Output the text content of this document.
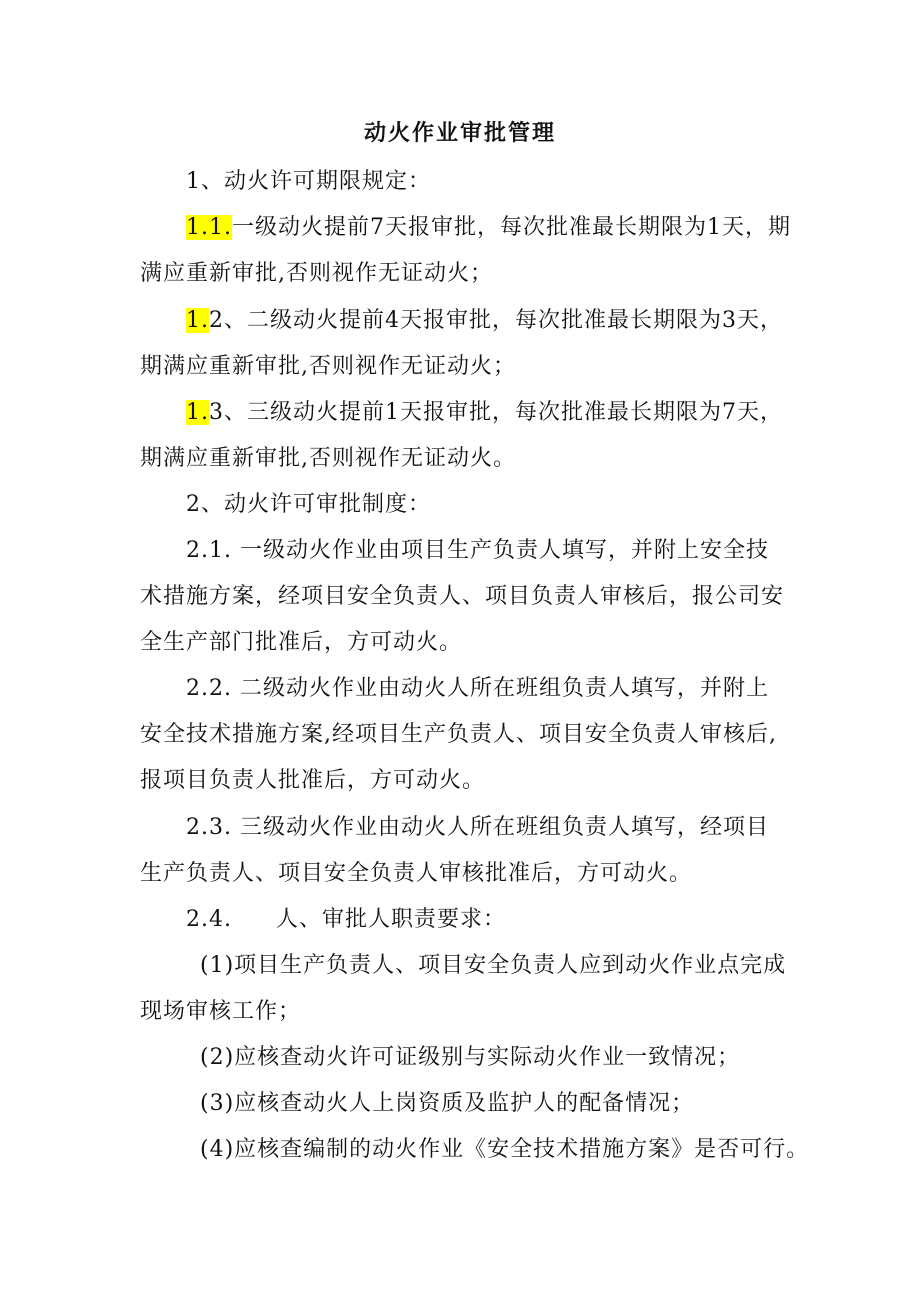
动火作业审批管理
1、动火许可期限规定：
1.1.一级动火提前7天报审批，每次批准最长期限为1天，期
满应重新审批,否则视作无证动火；
1.2、二级动火提前4天报审批，每次批准最长期限为3天，
期满应重新审批,否则视作无证动火；
1.3、三级动火提前1天报审批，每次批准最长期限为7天，
期满应重新审批,否则视作无证动火。
2、动火许可审批制度：
2.1. 一级动火作业由项目生产负责人填写，并附上安全技
术措施方案，经项目安全负责人、项目负责人审核后，报公司安
全生产部门批准后，方可动火。
2.2. 二级动火作业由动火人所在班组负责人填写，并附上
安全技术措施方案,经项目生产负责人、项目安全负责人审核后,
报项目负责人批准后，方可动火。
2.3. 三级动火作业由动火人所在班组负责人填写，经项目
生产负责人、项目安全负责人审核批准后，方可动火。
2.4. 人、审批人职责要求：
(1)项目生产负责人、项目安全负责人应到动火作业点完成
现场审核工作；
(2)应核查动火许可证级别与实际动火作业一致情况；
(3)应核查动火人上岗资质及监护人的配备情况；
(4)应核查编制的动火作业《安全技术措施方案》是否可行。
